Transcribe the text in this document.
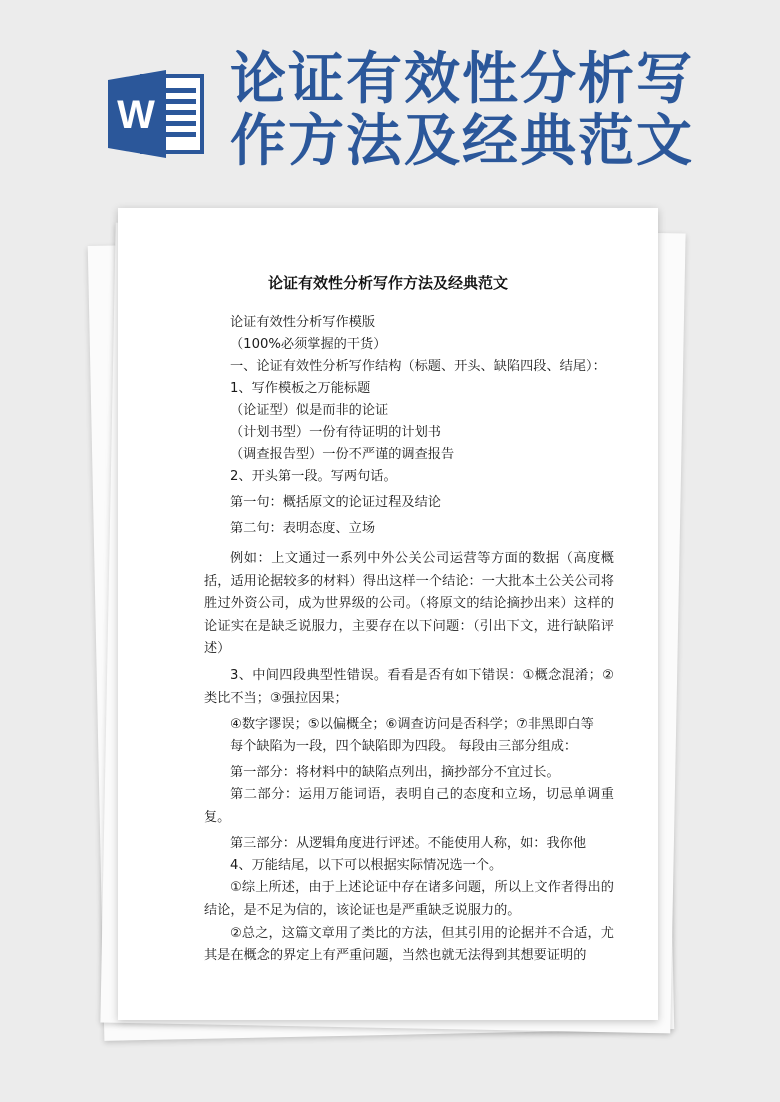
W
论证有效性分析写
作方法及经典范文
论证有效性分析写作方法及经典范文
论证有效性分析写作模版
（100%必须掌握的干货）
一、论证有效性分析写作结构（标题、开头、缺陷四段、结尾）：
1、写作模板之万能标题
（论证型）似是而非的论证
（计划书型）一份有待证明的计划书
（调查报告型）一份不严谨的调查报告
2、开头第一段。写两句话。
第一句：概括原文的论证过程及结论
第二句：表明态度、立场

例如：上文通过一系列中外公关公司运营等方面的数据（高度概括，适用论据较多的材料）得出这样一个结论：一大批本土公关公司将胜过外资公司，成为世界级的公司。（将原文的结论摘抄出来）这样的论证实在是缺乏说服力，主要存在以下问题：（引出下文，进行缺陷评述）

3、中间四段典型性错误。看看是否有如下错误：①概念混淆；②类比不当；③强拉因果；

④数字谬误；⑤以偏概全；⑥调查访问是否科学；⑦非黑即白等
每个缺陷为一段，四个缺陷即为四段。 每段由三部分组成：
第一部分：将材料中的缺陷点列出，摘抄部分不宜过长。

第二部分：运用万能词语，表明自己的态度和立场，切忌单调重复。

第三部分：从逻辑角度进行评述。不能使用人称，如：我你他
4、万能结尾，以下可以根据实际情况选一个。

①综上所述，由于上述论证中存在诸多问题，所以上文作者得出的结论，是不足为信的，该论证也是严重缺乏说服力的。

②总之，这篇文章用了类比的方法，但其引用的论据并不合适，尤其是在概念的界定上有严重问题，当然也就无法得到其想要证明的
